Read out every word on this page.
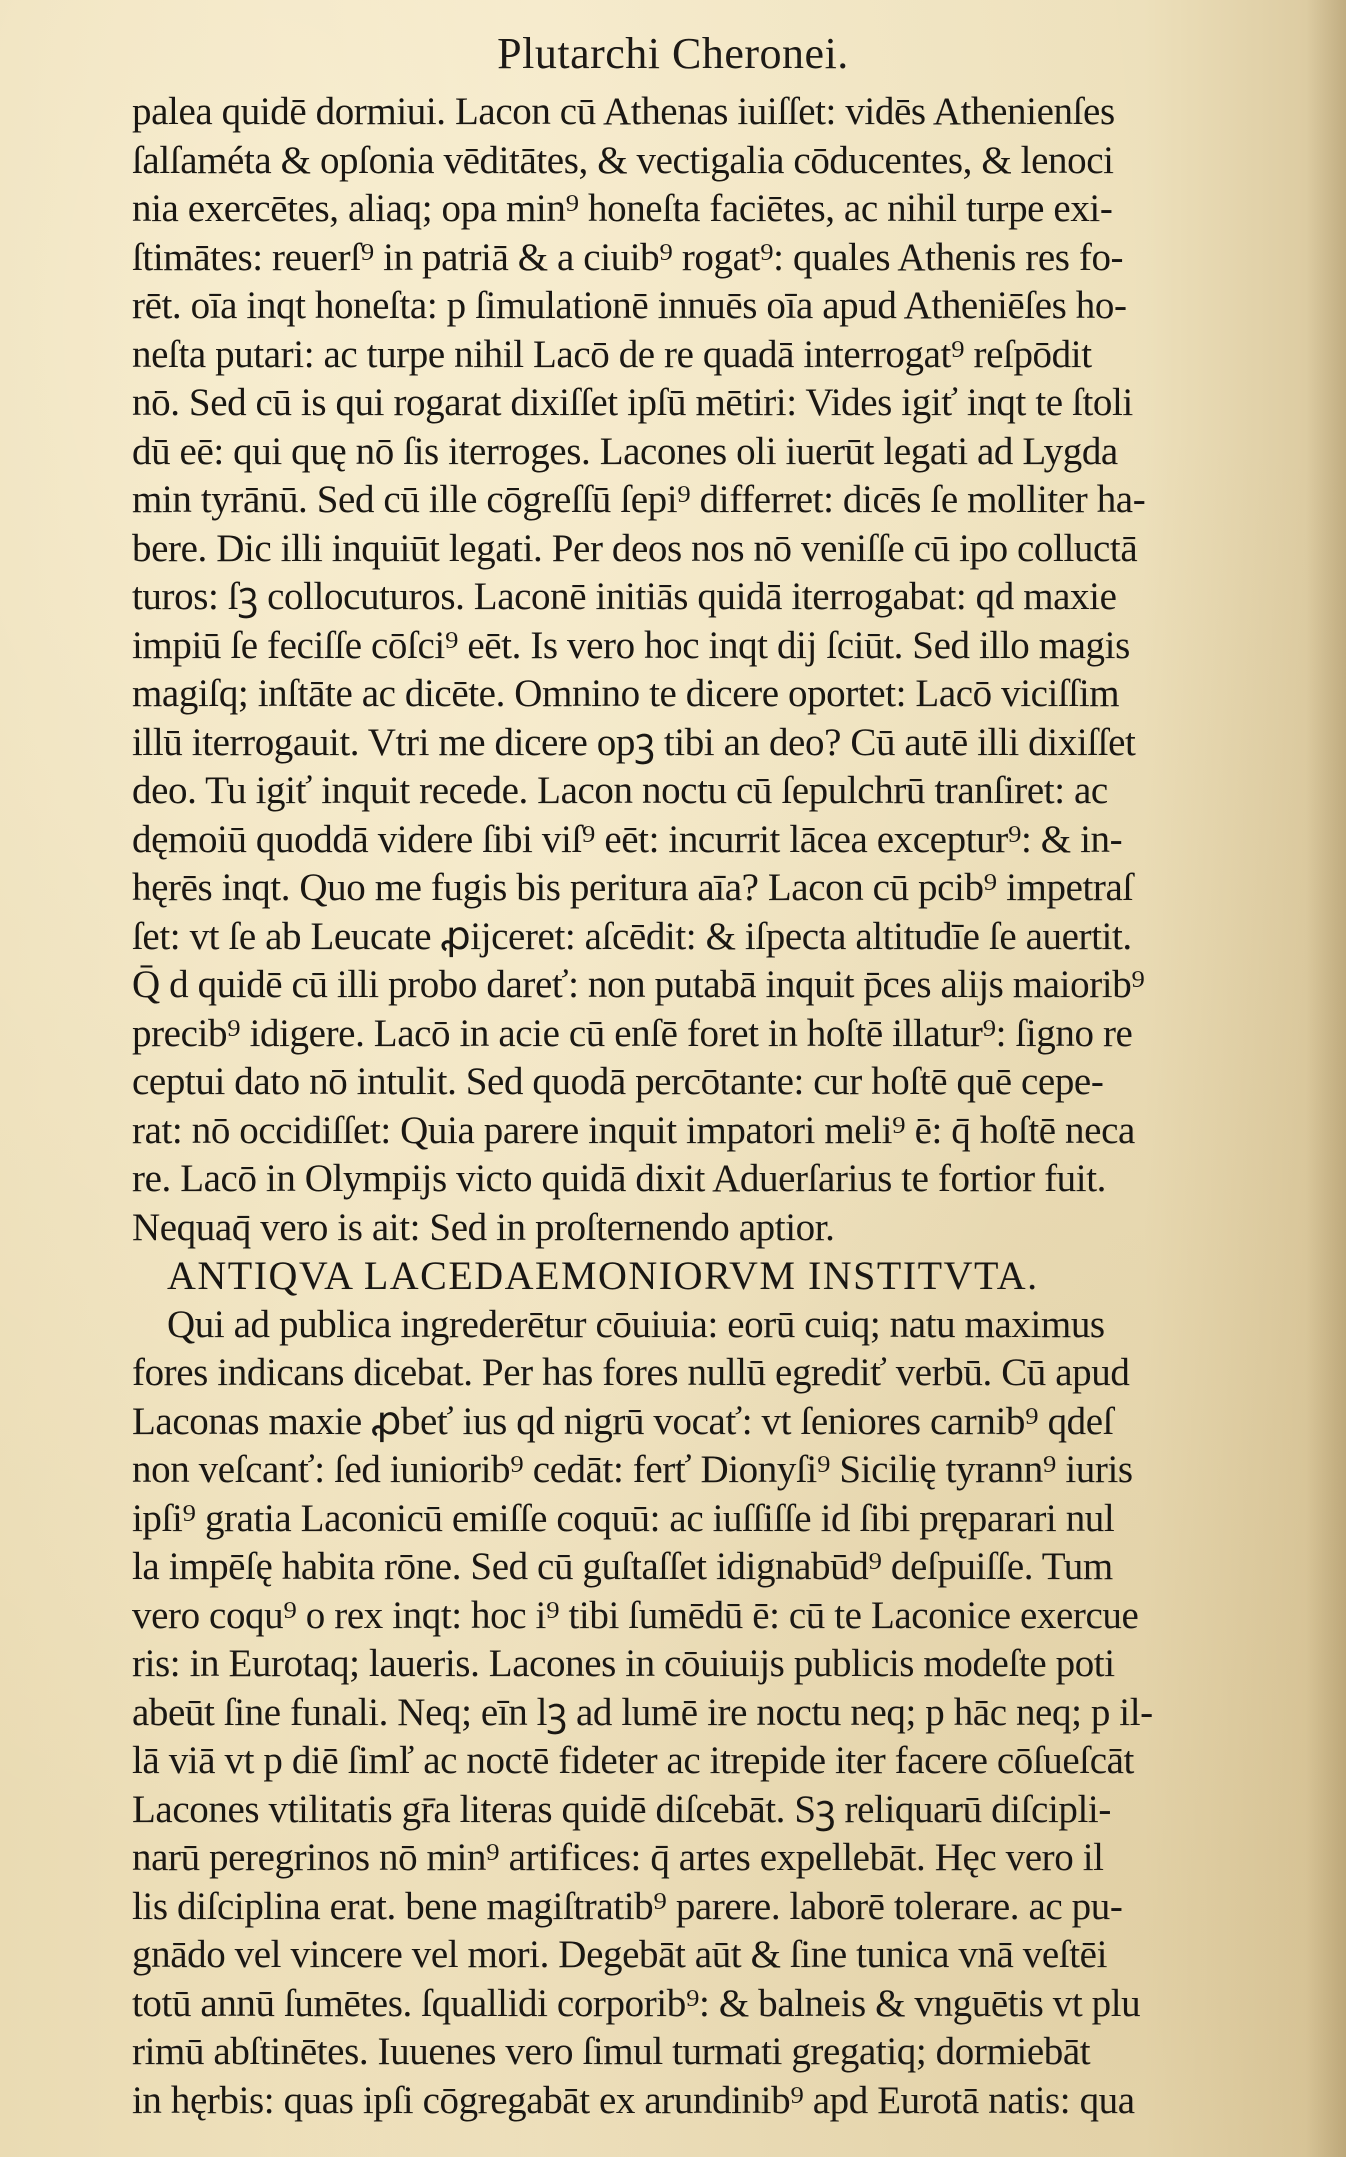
Plutarchi Cheronei.
palea quidē dormiui. Lacon cū Athenas iuiſſet: vidēs Athenienſes
ſalſaméta & opſonia vēditātes, & vectigalia cōducentes, & lenoci
nia exercētes, aliaq; opa min⁹ honeſta faciētes, ac nihil turpe exi-
ſtimātes: reuerſ⁹ in patriā & a ciuib⁹ rogat⁹: quales Athenis res fo-
rēt. oīa inqt honeſta: p ſimulationē innuēs oīa apud Atheniēſes ho-
neſta putari: ac turpe nihil Lacō de re quadā interrogat⁹ reſpōdit
nō. Sed cū is qui rogarat dixiſſet ipſū mētiri: Vides igiť inqt te ſtoli
dū eē: qui quę nō ſis iterroges. Lacones oli iuerūt legati ad Lygda
min tyrānū. Sed cū ille cōgreſſū ſepi⁹ differret: dicēs ſe molliter ha-
bere. Dic illi inquiūt legati. Per deos nos nō veniſſe cū ipo colluctā
turos: ſꝫ collocuturos. Laconē initiās quidā iterrogabat: qd maxie
impiū ſe feciſſe cōſci⁹ eēt. Is vero hoc inqt dij ſciūt. Sed illo magis
magiſq; inſtāte ac dicēte. Omnino te dicere oportet: Lacō viciſſim
illū iterrogauit. Vtri me dicere opꝫ tibi an deo? Cū autē illi dixiſſet
deo. Tu igiť inquit recede. Lacon noctu cū ſepulchrū tranſiret: ac
dęmoiū quoddā videre ſibi viſ⁹ eēt: incurrit lācea exceptur⁹: & in-
hęrēs inqt. Quo me fugis bis peritura aīa? Lacon cū pcib⁹ impetraſ
ſet: vt ſe ab Leucate ꝓijceret: aſcēdit: & iſpecta altitudīe ſe auertit.
Q̄ d quidē cū illi probo dareť: non putabā inquit p̄ces alijs maiorib⁹
precib⁹ idigere. Lacō in acie cū enſē foret in hoſtē illatur⁹: ſigno re
ceptui dato nō intulit. Sed quodā percōtante: cur hoſtē quē cepe-
rat: nō occidiſſet: Quia parere inquit impatori meli⁹ ē: q̄ hoſtē neca
re. Lacō in Olympijs victo quidā dixit Aduerſarius te fortior fuit.
Nequaq̄ vero is ait: Sed in proſternendo aptior.
ANTIQVA LACEDAEMONIORVM INSTITVTA.
Qui ad publica ingrederētur cōuiuia: eorū cuiq; natu maximus
fores indicans dicebat. Per has fores nullū egrediť verbū. Cū apud
Laconas maxie ꝓbeť ius qd nigrū vocať: vt ſeniores carnib⁹ qdeſ
non veſcanť: ſed iuniorib⁹ cedāt: ferť Dionyſi⁹ Sicilię tyrann⁹ iuris
ipſi⁹ gratia Laconicū emiſſe coquū: ac iuſſiſſe id ſibi pręparari nul
la impēſę habita rōne. Sed cū guſtaſſet idignabūd⁹ deſpuiſſe. Tum
vero coqu⁹ o rex inqt: hoc i⁹ tibi ſumēdū ē: cū te Laconice exercue
ris: in Eurotaq; laueris. Lacones in cōuiuijs publicis modeſte poti
abeūt ſine funali. Neq; eīn lꝫ ad lumē ire noctu neq; p hāc neq; p il-
lā viā vt p diē ſimľ ac noctē fideter ac itrepide iter facere cōſueſcāt
Lacones vtilitatis gr̄a literas quidē diſcebāt. Sꝫ reliquarū diſcipli-
narū peregrinos nō min⁹ artifices: q̄ artes expellebāt. Hęc vero il
lis diſciplina erat. bene magiſtratib⁹ parere. laborē tolerare. ac pu-
gnādo vel vincere vel mori. Degebāt aūt & ſine tunica vnā veſtēi
totū annū ſumētes. ſquallidi corporib⁹: & balneis & vnguētis vt plu
rimū abſtinētes. Iuuenes vero ſimul turmati gregatiq; dormiebāt
in hęrbis: quas ipſi cōgregabāt ex arundinib⁹ apd Eurotā natis: qua
